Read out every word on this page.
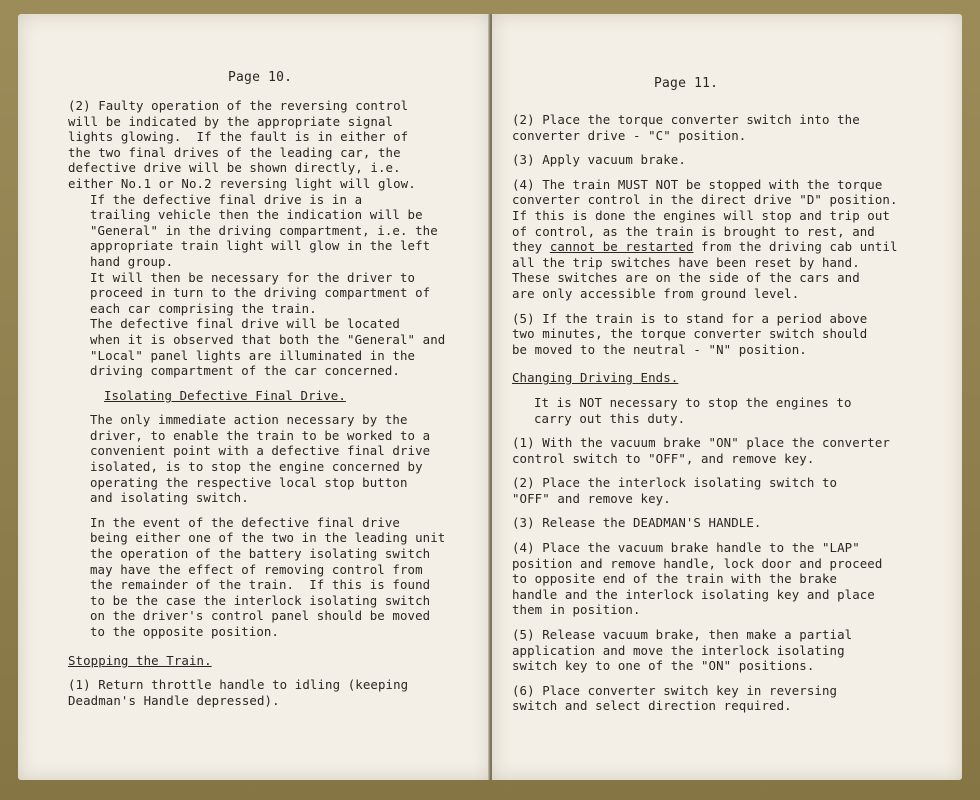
Page 10.
(2) Faulty operation of the reversing control
will be indicated by the appropriate signal
lights glowing.  If the fault is in either of
the two final drives of the leading car, the
defective drive will be shown directly, i.e.
either No.1 or No.2 reversing light will glow.
If the defective final drive is in a
trailing vehicle then the indication will be
"General" in the driving compartment, i.e. the
appropriate train light will glow in the left
hand group.
It will then be necessary for the driver to
proceed in turn to the driving compartment of
each car comprising the train.
The defective final drive will be located
when it is observed that both the "General" and
"Local" panel lights are illuminated in the
driving compartment of the car concerned.
Isolating Defective Final Drive.
The only immediate action necessary by the
driver, to enable the train to be worked to a
convenient point with a defective final drive
isolated, is to stop the engine concerned by
operating the respective local stop button
and isolating switch.
In the event of the defective final drive
being either one of the two in the leading unit
the operation of the battery isolating switch
may have the effect of removing control from
the remainder of the train.  If this is found
to be the case the interlock isolating switch
on the driver's control panel should be moved
to the opposite position.
Stopping the Train.
(1) Return throttle handle to idling (keeping
Deadman's Handle depressed).
Page 11.
(2) Place the torque converter switch into the
converter drive - "C" position.
(3) Apply vacuum brake.
(4) The train MUST NOT be stopped with the torque
converter control in the direct drive "D" position.
If this is done the engines will stop and trip out
of control, as the train is brought to rest, and
they cannot be restarted from the driving cab until
all the trip switches have been reset by hand.
These switches are on the side of the cars and
are only accessible from ground level.
(5) If the train is to stand for a period above
two minutes, the torque converter switch should
be moved to the neutral - "N" position.
Changing Driving Ends.
It is NOT necessary to stop the engines to
carry out this duty.
(1) With the vacuum brake "ON" place the converter
control switch to "OFF", and remove key.
(2) Place the interlock isolating switch to
"OFF" and remove key.
(3) Release the DEADMAN'S HANDLE.
(4) Place the vacuum brake handle to the "LAP"
position and remove handle, lock door and proceed
to opposite end of the train with the brake
handle and the interlock isolating key and place
them in position.
(5) Release vacuum brake, then make a partial
application and move the interlock isolating
switch key to one of the "ON" positions.
(6) Place converter switch key in reversing
switch and select direction required.
